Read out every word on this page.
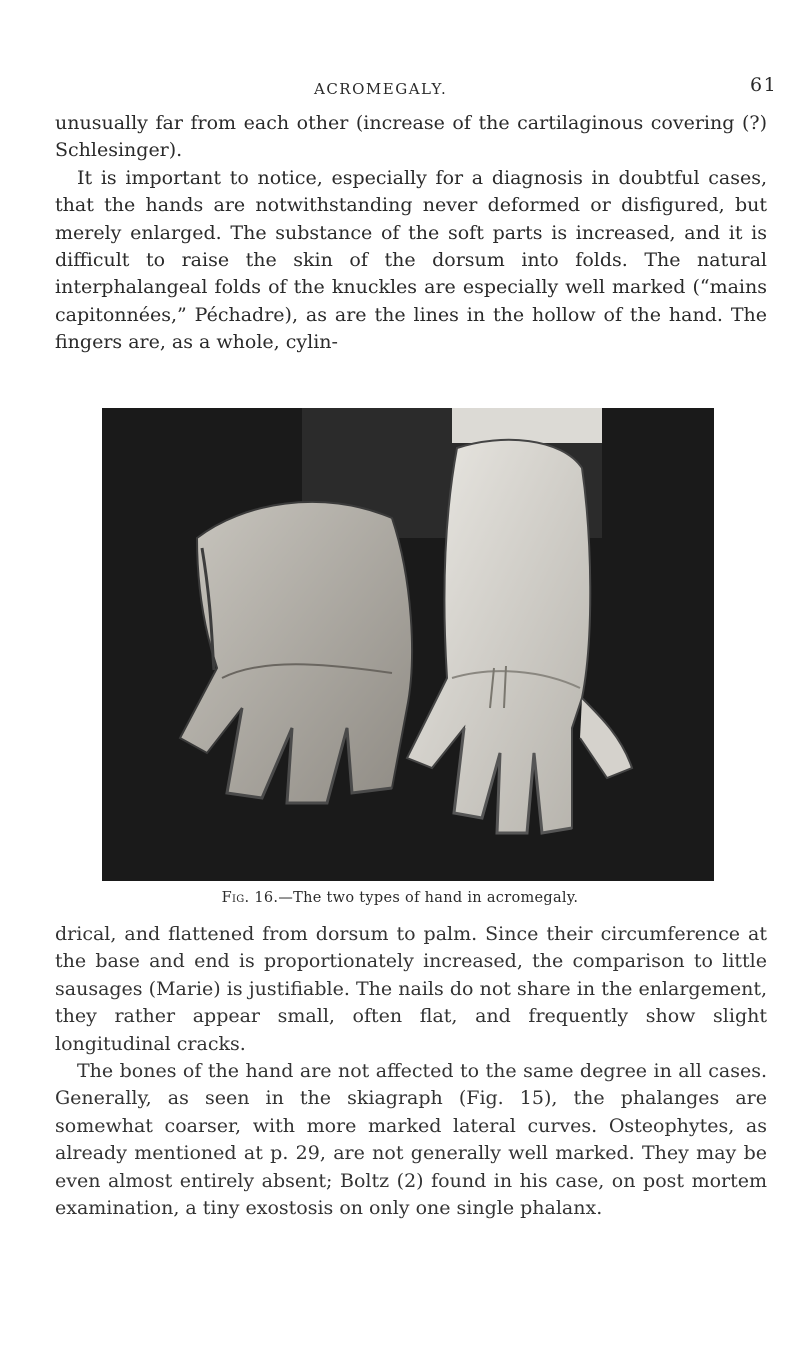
ACROMEGALY.	61

unusually far from each other (increase of the cartilaginous covering (?) Schlesinger).

It is important to notice, especially for a diagnosis in doubtful cases, that the hands are notwithstanding never deformed or disfigured, but merely enlarged. The substance of the soft parts is increased, and it is difficult to raise the skin of the dorsum into folds. The natural interphalangeal folds of the knuckles are especially well marked (“mains capitonnées,” Péchadre), as are the lines in the hollow of the hand. The fingers are, as a whole, cylin-

Fig. 16.—The two types of hand in acromegaly.

drical, and flattened from dorsum to palm. Since their circumference at the base and end is proportionately increased, the comparison to little sausages (Marie) is justifiable. The nails do not share in the enlargement, they rather appear small, often flat, and frequently show slight longitudinal cracks.

The bones of the hand are not affected to the same degree in all cases. Generally, as seen in the skiagraph (Fig. 15), the phalanges are somewhat coarser, with more marked lateral curves. Osteophytes, as already mentioned at p. 29, are not generally well marked. They may be even almost entirely absent; Boltz (2) found in his case, on post mortem examination, a tiny exostosis on only one single phalanx.
